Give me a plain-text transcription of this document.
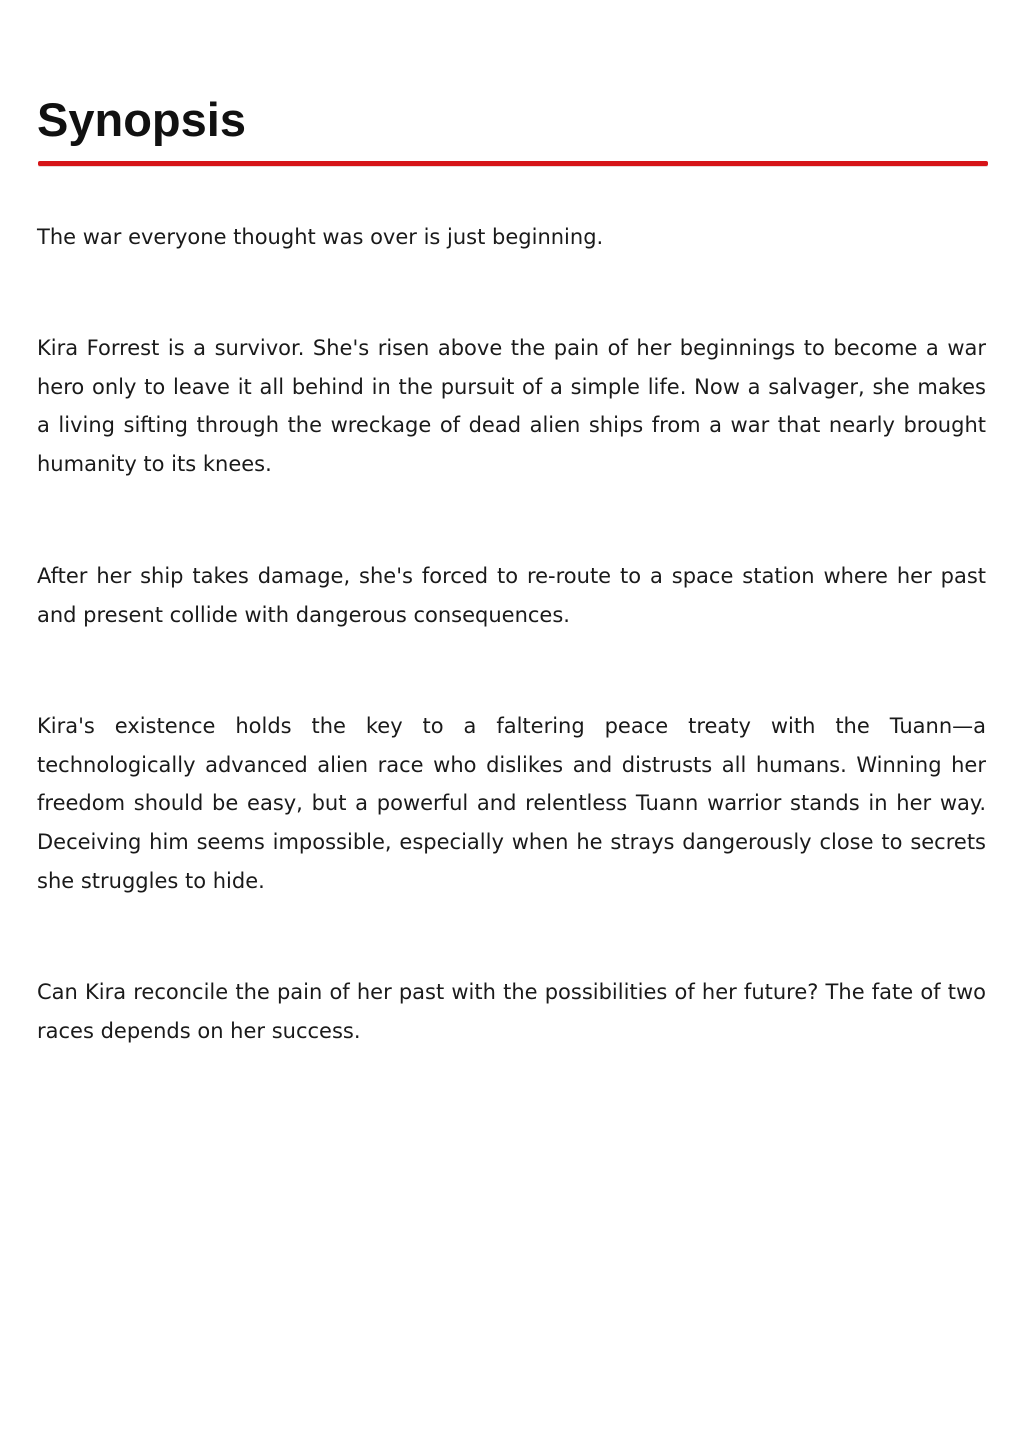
Synopsis

The war everyone thought was over is just beginning.

Kira Forrest is a survivor. She's risen above the pain of her beginnings to become a war hero only to leave it all behind in the pursuit of a simple life. Now a salvager, she makes a living sifting through the wreckage of dead alien ships from a war that nearly brought humanity to its knees.

After her ship takes damage, she's forced to re-route to a space station where her past and present collide with dangerous consequences.

Kira's existence holds the key to a faltering peace treaty with the Tuann—a technologically advanced alien race who dislikes and distrusts all humans. Winning her freedom should be easy, but a powerful and relentless Tuann warrior stands in her way. Deceiving him seems impossible, especially when he strays dangerously close to secrets she struggles to hide.

Can Kira reconcile the pain of her past with the possibilities of her future? The fate of two races depends on her success.
